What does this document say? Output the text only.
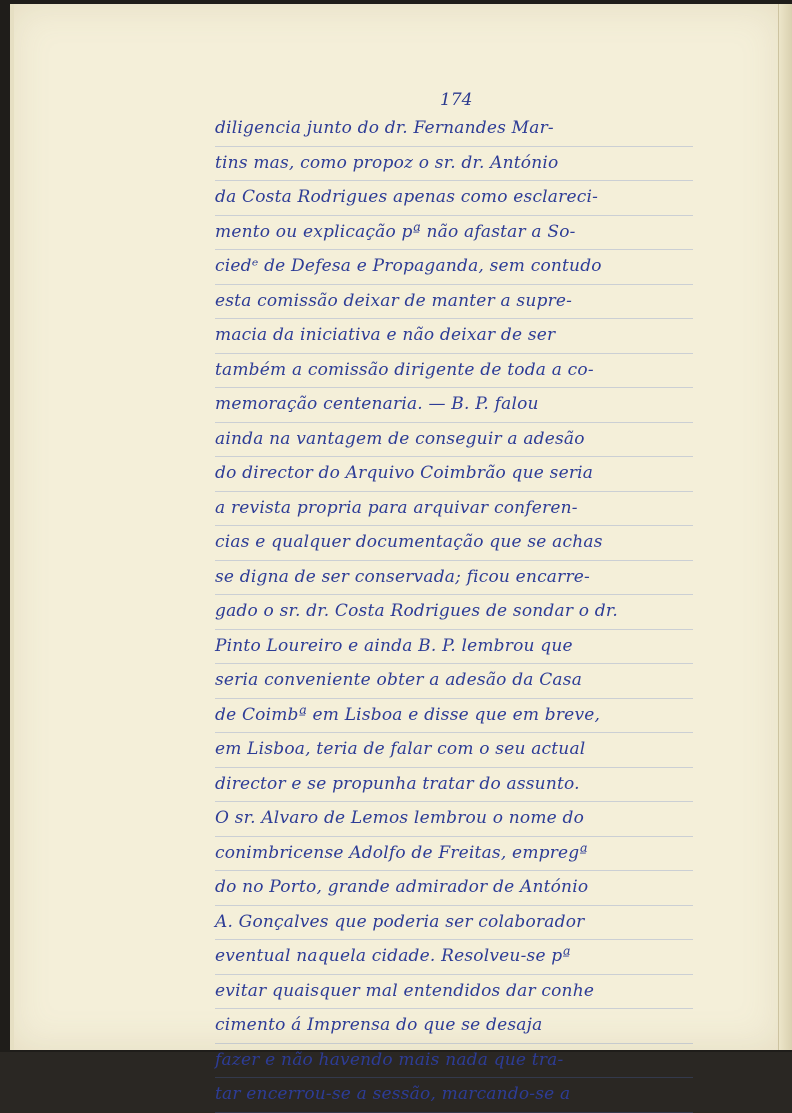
174
diligencia junto do dr. Fernandes Mar-
tins mas, como propoz o sr. dr. António
da Costa Rodrigues apenas como esclareci-
mento ou explicação pª não afastar a So-
ciedᵉ de Defesa e Propaganda, sem contudo
esta comissão deixar de manter a supre-
macia da iniciativa e não deixar de ser
também a comissão dirigente de toda a co-
memoração centenaria. — B. P. falou
ainda na vantagem de conseguir a adesão
do director do Arquivo Coimbrão que seria
a revista propria para arquivar conferen-
cias e qualquer documentação que se achas
se digna de ser conservada; ficou encarre-
gado o sr. dr. Costa Rodrigues de sondar o dr.
Pinto Loureiro e ainda B. P. lembrou que
seria conveniente obter a adesão da Casa
de Coimbª em Lisboa e disse que em breve,
em Lisboa, teria de falar com o seu actual
director e se propunha tratar do assunto.
O sr. Alvaro de Lemos lembrou o nome do
conimbricense Adolfo de Freitas, empregª
do no Porto, grande admirador de António
A. Gonçalves que poderia ser colaborador
eventual naquela cidade. Resolveu-se pª
evitar quaisquer mal entendidos dar conhe
cimento á Imprensa do que se desaja
fazer e não havendo mais nada que tra-
tar encerrou-se a sessão, marcando-se a
